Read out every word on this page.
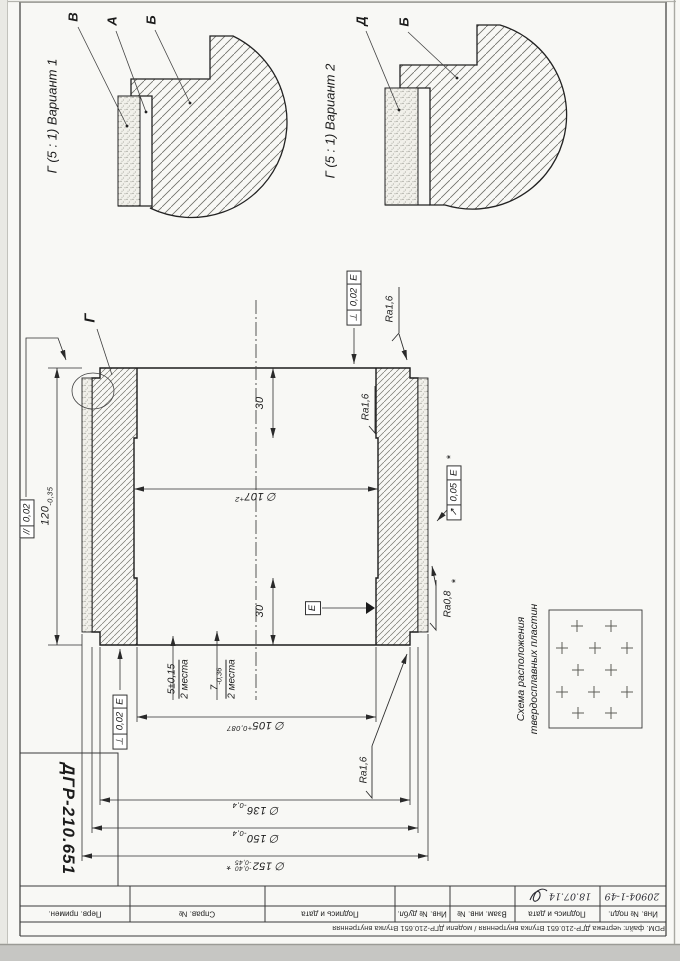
Г (5 : 1) Вариант 1
В А Б
Г (5 : 1) Вариант 2
Д Б
Г
30
30
$120_{-0,35}$	∅ $107^{+2}$
∅ $105^{+0,087}$
∅ $136_{-0,4}$
∅ $150_{-0,4}$
∅ 152
-0,40
-0,45
*
5±0,15 2 места $7_{-0,36}$ 2 места
⊥
0,02
Е
⊥
0,02
Е
//
0,02	↗
0,05
Е
*
Е
Ra1,6
Ra1,6
Ra1,6
Ra0,8
*
Схема расположения твердосплавных пластин
ДГР-210.651
Перв. примен.	Справ. №	Подпись и дата	Инв. № дубл. Взам. инв. №	Подпись и дата	Инв. № подл.
20904-1-49
18.07.14
PDM. файл: чертежа ДГР-210.651 Втулка внутренняя / модели ДГР-210.651 Втулка внутренняя
